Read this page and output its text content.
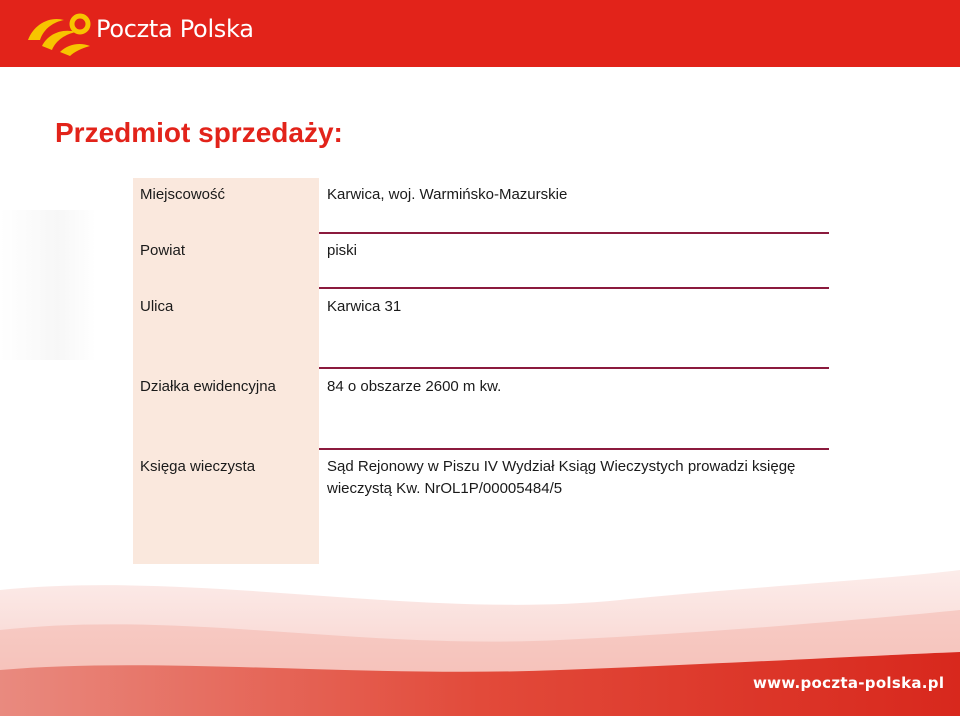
Poczta Polska
Przedmiot sprzedaży:
Miejscowość	Karwica, woj. Warmińsko-Mazurskie
Powiat	piski
Ulica	Karwica 31
Działka ewidencyjna	84 o obszarze 2600 m kw.
Księga wieczysta	Sąd Rejonowy w Piszu IV Wydział Ksiąg Wieczystych prowadzi księgę wieczystą Kw. NrOL1P/00005484/5
www.poczta-polska.pl
